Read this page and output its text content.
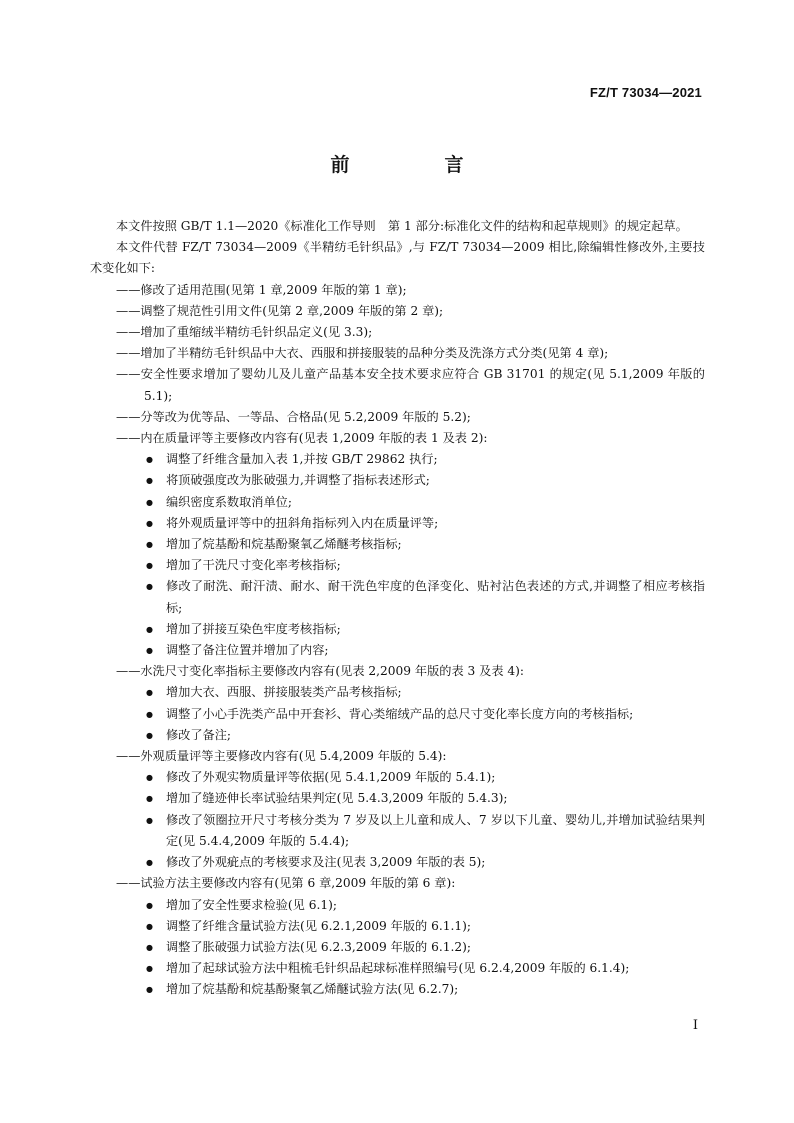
FZ/T 73034—2021
前　言
本文件按照 GB/T 1.1—2020《标准化工作导则　第 1 部分:标准化文件的结构和起草规则》的规定起草。
本文件代替 FZ/T 73034—2009《半精纺毛针织品》,与 FZ/T 73034—2009 相比,除编辑性修改外,主要技术变化如下:
——修改了适用范围(见第 1 章,2009 年版的第 1 章);
——调整了规范性引用文件(见第 2 章,2009 年版的第 2 章);
——增加了重缩绒半精纺毛针织品定义(见 3.3);
——增加了半精纺毛针织品中大衣、西服和拼接服装的品种分类及洗涤方式分类(见第 4 章);
——安全性要求增加了婴幼儿及儿童产品基本安全技术要求应符合 GB 31701 的规定(见 5.1,2009 年版的 5.1);
——分等改为优等品、一等品、合格品(见 5.2,2009 年版的 5.2);
——内在质量评等主要修改内容有(见表 1,2009 年版的表 1 及表 2):
● 调整了纤维含量加入表 1,并按 GB/T 29862 执行;
● 将顶破强度改为胀破强力,并调整了指标表述形式;
● 编织密度系数取消单位;
● 将外观质量评等中的扭斜角指标列入内在质量评等;
● 增加了烷基酚和烷基酚聚氧乙烯醚考核指标;
● 增加了干洗尺寸变化率考核指标;
● 修改了耐洗、耐汗渍、耐水、耐干洗色牢度的色泽变化、贴衬沾色表述的方式,并调整了相应考核指标;
● 增加了拼接互染色牢度考核指标;
● 调整了备注位置并增加了内容;
——水洗尺寸变化率指标主要修改内容有(见表 2,2009 年版的表 3 及表 4):
● 增加大衣、西服、拼接服装类产品考核指标;
● 调整了小心手洗类产品中开套衫、背心类缩绒产品的总尺寸变化率长度方向的考核指标;
● 修改了备注;
——外观质量评等主要修改内容有(见 5.4,2009 年版的 5.4):
● 修改了外观实物质量评等依据(见 5.4.1,2009 年版的 5.4.1);
● 增加了缝迹伸长率试验结果判定(见 5.4.3,2009 年版的 5.4.3);
● 修改了领圈拉开尺寸考核分类为 7 岁及以上儿童和成人、7 岁以下儿童、婴幼儿,并增加试验结果判定(见 5.4.4,2009 年版的 5.4.4);
● 修改了外观疵点的考核要求及注(见表 3,2009 年版的表 5);
——试验方法主要修改内容有(见第 6 章,2009 年版的第 6 章):
● 增加了安全性要求检验(见 6.1);
● 调整了纤维含量试验方法(见 6.2.1,2009 年版的 6.1.1);
● 调整了胀破强力试验方法(见 6.2.3,2009 年版的 6.1.2);
● 增加了起球试验方法中粗梳毛针织品起球标准样照编号(见 6.2.4,2009 年版的 6.1.4);
● 增加了烷基酚和烷基酚聚氧乙烯醚试验方法(见 6.2.7);
I
